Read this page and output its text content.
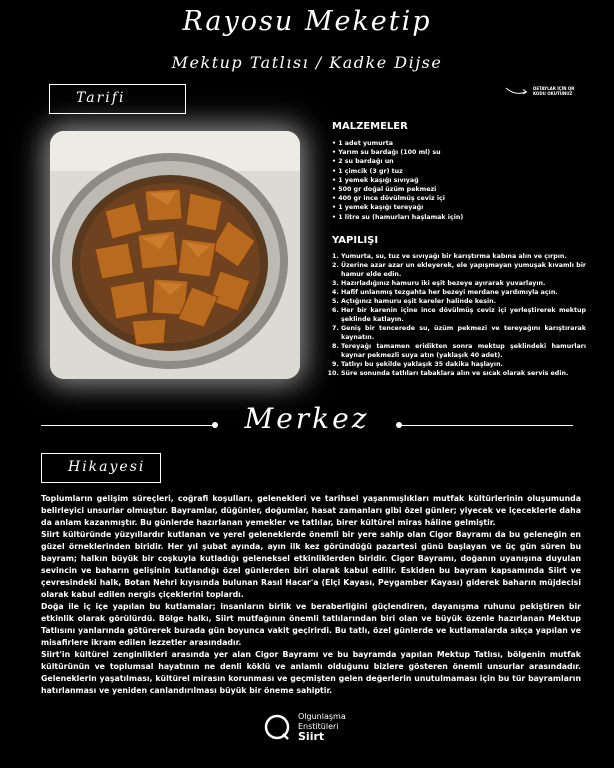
Rayosu Meketip
Mektup Tatlısı / Kadke Dijse
Tarifi
DETAYLAR İÇİN QR KODU OKUTUNUZ
MALZEMELER
• 1 adet yumurta
• Yarım su bardağı (100 ml) su
• 2 su bardağı un
• 1 çimcik (3 gr) tuz
• 1 yemek kaşığı sıvıyağ
• 500 gr doğal üzüm pekmezi
• 400 gr ince dövülmüş ceviz içi
• 1 yemek kaşığı tereyağı
• 1 litre su (hamurları haşlamak için)
YAPILIŞI
1. Yumurta, su, tuz ve sıvıyağı bir karıştırma kabına alın ve çırpın.
2. Üzerine azar azar un ekleyerek, ele yapışmayan yumuşak kıvamlı bir hamur elde edin.
3. Hazırladığınız hamuru iki eşit bezeye ayırarak yuvarlayın.
4. Hafif unlanmış tezgahta her bezeyi merdane yardımıyla açın.
5. Açtığınız hamuru eşit kareler halinde kesin.
6. Her bir karenin içine ince dövülmüş ceviz içi yerleştirerek mektup şeklinde katlayın.
7. Geniş bir tencerede su, üzüm pekmezi ve tereyağını karıştırarak kaynatın.
8. Tereyağı tamamen eridikten sonra mektup şeklindeki hamurları kaynar pekmezli suya atın (yaklaşık 40 adet).
9. Tatlıyı bu şekilde yaklaşık 35 dakika haşlayın.
10. Süre sonunda tatlıları tabaklara alın ve sıcak olarak servis edin.
Merkez
Hikayesi

Toplumların gelişim süreçleri, coğrafi koşulları, gelenekleri ve tarihsel yaşanmışlıkları mutfak kültürlerinin oluşumunda belirleyici unsurlar olmuştur. Bayramlar, düğünler, doğumlar, hasat zamanları gibi özel günler; yiyecek ve içeceklerle daha da anlam kazanmıştır. Bu günlerde hazırlanan yemekler ve tatlılar, birer kültürel miras hâline gelmiştir.

Siirt kültüründe yüzyıllardır kutlanan ve yerel geleneklerde önemli bir yere sahip olan Cigor Bayramı da bu geleneğin en güzel örneklerinden biridir. Her yıl şubat ayında, ayın ilk kez göründüğü pazartesi günü başlayan ve üç gün süren bu bayram; halkın büyük bir coşkuyla kutladığı geleneksel etkinliklerden biridir. Cigor Bayramı, doğanın uyanışına duyulan sevincin ve baharın gelişinin kutlandığı özel günlerden biri olarak kabul edilir. Eskiden bu bayram kapsamında Siirt ve çevresindeki halk, Botan Nehri kıyısında bulunan Rasıl Hacar'a (Elçi Kayası, Peygamber Kayası) giderek baharın müjdecisi olarak kabul edilen nergis çiçeklerini toplardı.

Doğa ile iç içe yapılan bu kutlamalar; insanların birlik ve beraberliğini güçlendiren, dayanışma ruhunu pekiştiren bir etkinlik olarak görülürdü. Bölge halkı, Siirt mutfağının önemli tatlılarından biri olan ve büyük özenle hazırlanan Mektup Tatlısını yanlarında götürerek burada gün boyunca vakit geçirirdi. Bu tatlı, özel günlerde ve kutlamalarda sıkça yapılan ve misafirlere ikram edilen lezzetler arasındadır.

Siirt'in kültürel zenginlikleri arasında yer alan Cigor Bayramı ve bu bayramda yapılan Mektup Tatlısı, bölgenin mutfak kültürünün ve toplumsal hayatının ne denli köklü ve anlamlı olduğunu bizlere gösteren önemli unsurlar arasındadır. Geleneklerin yaşatılması, kültürel mirasın korunması ve geçmişten gelen değerlerin unutulmaması için bu tür bayramların hatırlanması ve yeniden canlandırılması büyük bir öneme sahiptir.

Olgunlaşma
Enstitüleri
Siirt
